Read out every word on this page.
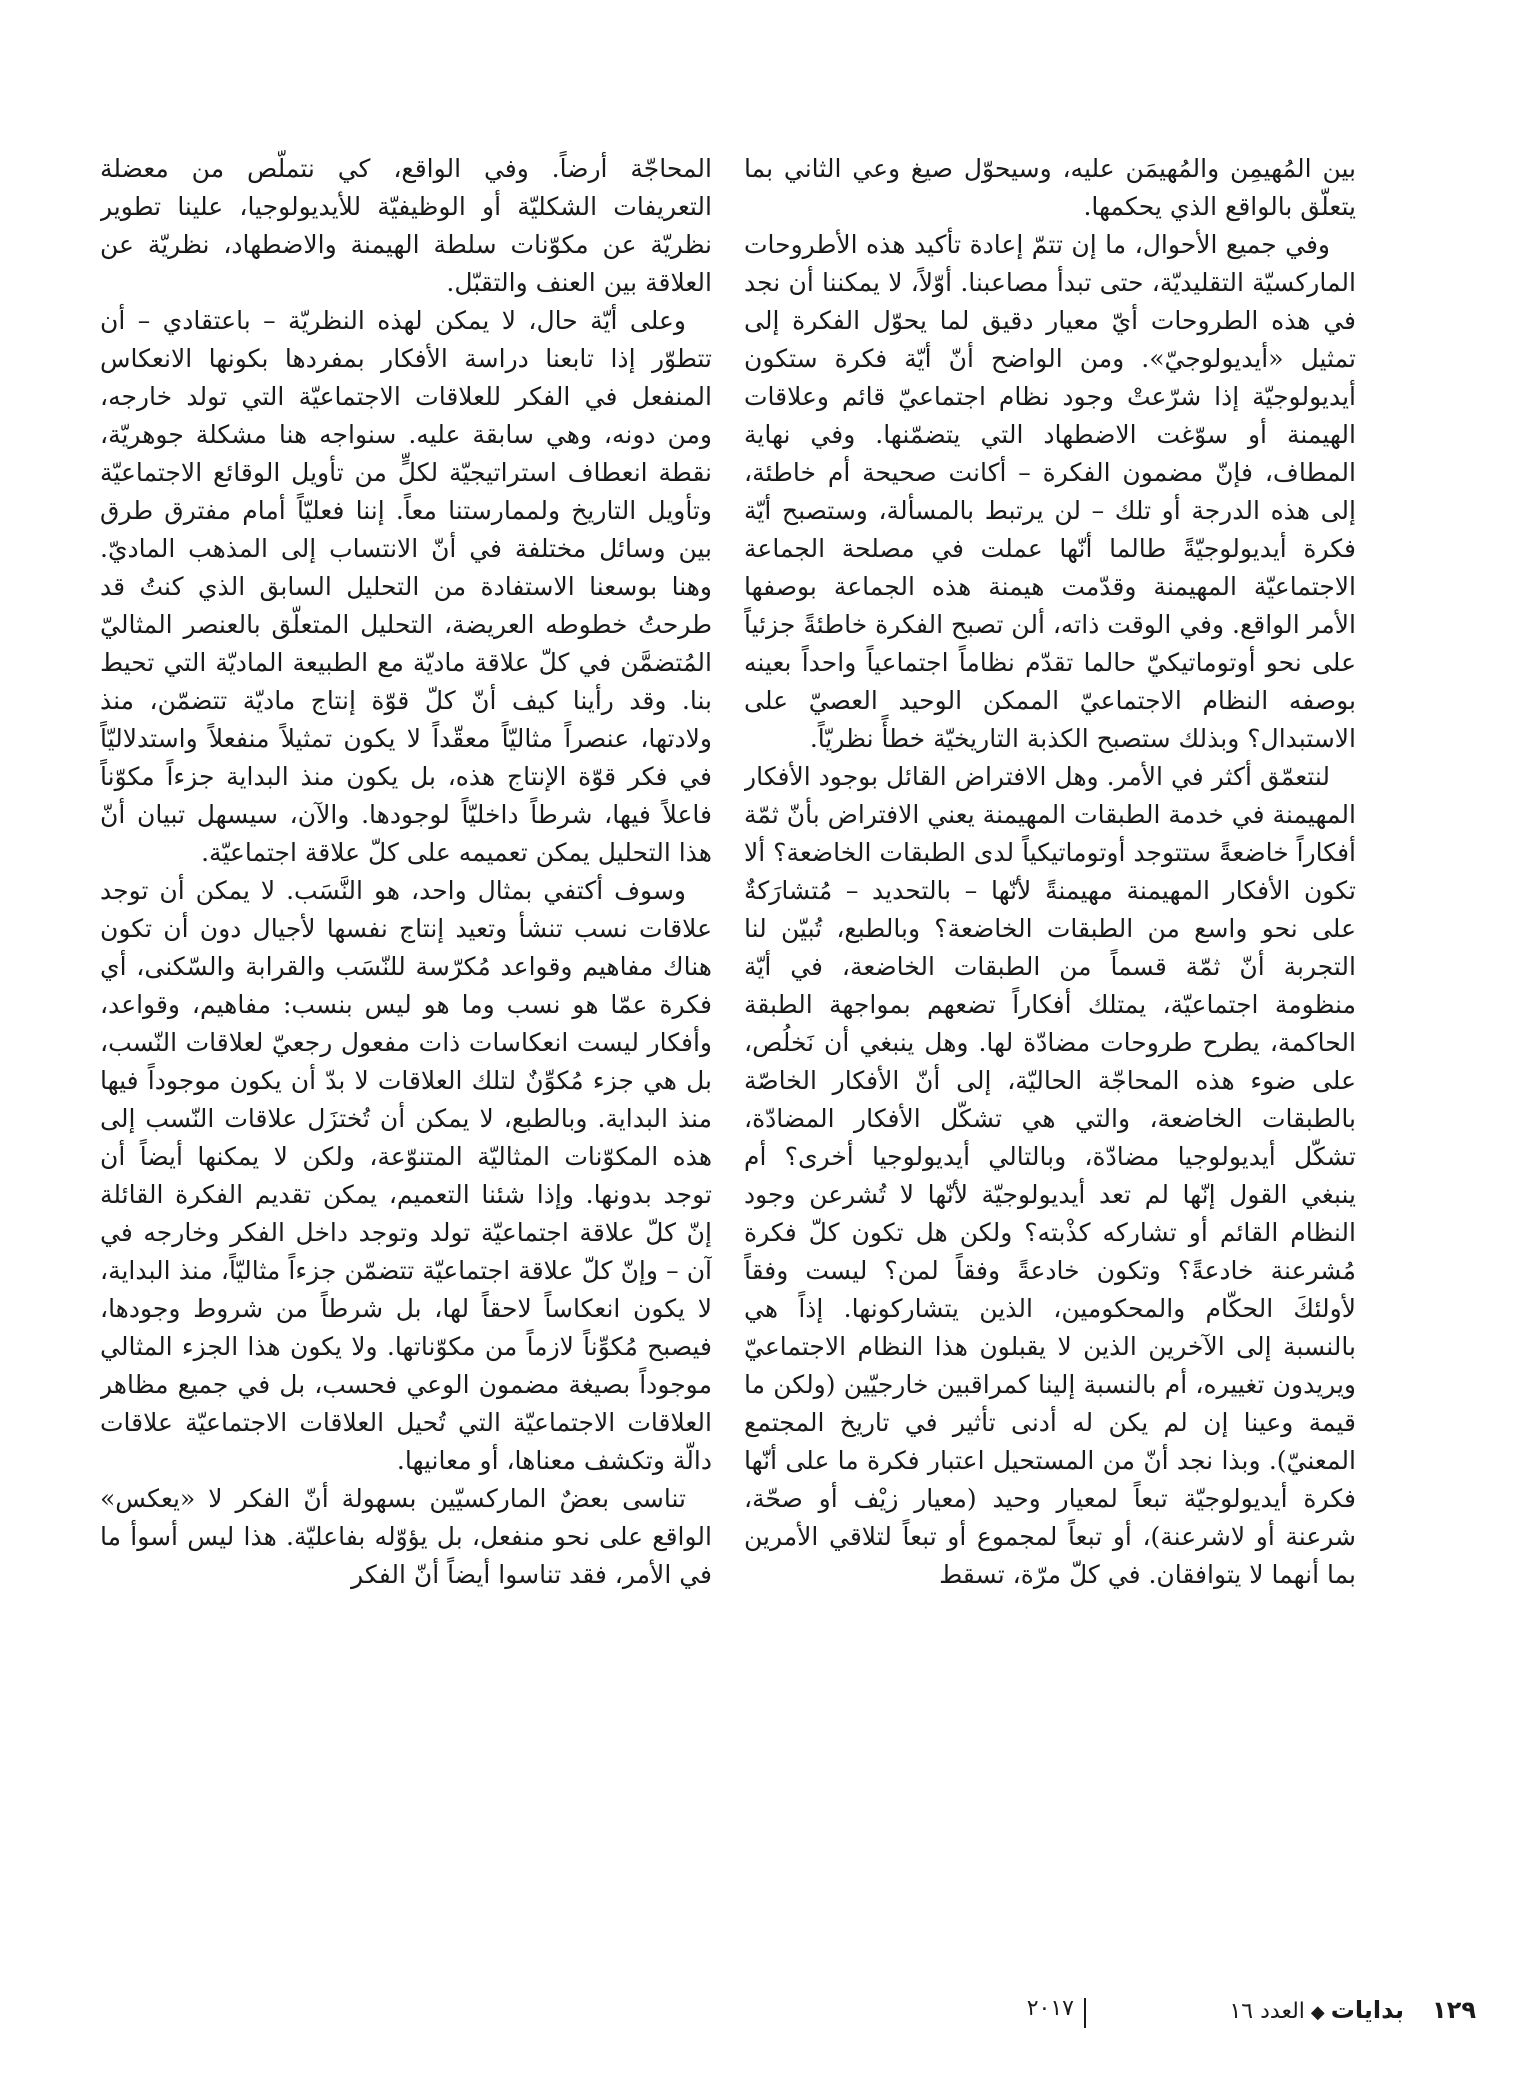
بين المُهيمِن والمُهيمَن عليه، وسيحوّل صيغ وعي الثاني بما يتعلّق بالواقع الذي يحكمها.

وفي جميع الأحوال، ما إن تتمّ إعادة تأكيد هذه الأطروحات الماركسيّة التقليديّة، حتى تبدأ مصاعبنا. أوّلاً، لا يمكننا أن نجد في هذه الطروحات أيّ معيار دقيق لما يحوّل الفكرة إلى تمثيل «أيديولوجيّ». ومن الواضح أنّ أيّة فكرة ستكون أيديولوجيّة إذا شرّعتْ وجود نظام اجتماعيّ قائم وعلاقات الهيمنة أو سوّغت الاضطهاد التي يتضمّنها. وفي نهاية المطاف، فإنّ مضمون الفكرة – أكانت صحيحة أم خاطئة، إلى هذه الدرجة أو تلك – لن يرتبط بالمسألة، وستصبح أيّة فكرة أيديولوجيّةً طالما أنّها عملت في مصلحة الجماعة الاجتماعيّة المهيمنة وقدّمت هيمنة هذه الجماعة بوصفها الأمر الواقع. وفي الوقت ذاته، ألن تصبح الفكرة خاطئةً جزئياً على نحو أوتوماتيكيّ حالما تقدّم نظاماً اجتماعياً واحداً بعينه بوصفه النظام الاجتماعيّ الممكن الوحيد العصيّ على الاستبدال؟ وبذلك ستصبح الكذبة التاريخيّة خطأً نظريّاً.

لنتعمّق أكثر في الأمر. وهل الافتراض القائل بوجود الأفكار المهيمنة في خدمة الطبقات المهيمنة يعني الافتراض بأنّ ثمّة أفكاراً خاضعةً ستتوجد أوتوماتيكياً لدى الطبقات الخاضعة؟ ألا تكون الأفكار المهيمنة مهيمنةً لأنّها – بالتحديد – مُتشارَكةٌ على نحو واسع من الطبقات الخاضعة؟ وبالطبع، تُبيّن لنا التجربة أنّ ثمّة قسماً من الطبقات الخاضعة، في أيّة منظومة اجتماعيّة، يمتلك أفكاراً تضعهم بمواجهة الطبقة الحاكمة، يطرح طروحات مضادّة لها. وهل ينبغي أن نَخلُص، على ضوء هذه المحاجّة الحاليّة، إلى أنّ الأفكار الخاصّة بالطبقات الخاضعة، والتي هي تشكّل الأفكار المضادّة، تشكّل أيديولوجيا مضادّة، وبالتالي أيديولوجيا أخرى؟ أم ينبغي القول إنّها لم تعد أيديولوجيّة لأنّها لا تُشرعن وجود النظام القائم أو تشاركه كذْبته؟ ولكن هل تكون كلّ فكرة مُشرعنة خادعةً؟ وتكون خادعةً وفقاً لمن؟ ليست وفقاً لأولئكَ الحكّام والمحكومين، الذين يتشاركونها. إذاً هي بالنسبة إلى الآخرين الذين لا يقبلون هذا النظام الاجتماعيّ ويريدون تغييره، أم بالنسبة إلينا كمراقبين خارجيّين (ولكن ما قيمة وعينا إن لم يكن له أدنى تأثير في تاريخ المجتمع المعنيّ). وبذا نجد أنّ من المستحيل اعتبار فكرة ما على أنّها فكرة أيديولوجيّة تبعاً لمعيار وحيد (معيار زيْف أو صحّة، شرعنة أو لاشرعنة)، أو تبعاً لمجموع أو تبعاً لتلاقي الأمرين بما أنهما لا يتوافقان. في كلّ مرّة، تسقط

المحاجّة أرضاً. وفي الواقع، كي نتملّص من معضلة التعريفات الشكليّة أو الوظيفيّة للأيديولوجيا، علينا تطوير نظريّة عن مكوّنات سلطة الهيمنة والاضطهاد، نظريّة عن العلاقة بين العنف والتقبّل.

وعلى أيّة حال، لا يمكن لهذه النظريّة – باعتقادي – أن تتطوّر إذا تابعنا دراسة الأفكار بمفردها بكونها الانعكاس المنفعل في الفكر للعلاقات الاجتماعيّة التي تولد خارجه، ومن دونه، وهي سابقة عليه. سنواجه هنا مشكلة جوهريّة، نقطة انعطاف استراتيجيّة لكلٍّ من تأويل الوقائع الاجتماعيّة وتأويل التاريخ ولممارستنا معاً. إننا فعليّاً أمام مفترق طرق بين وسائل مختلفة في أنّ الانتساب إلى المذهب الماديّ. وهنا بوسعنا الاستفادة من التحليل السابق الذي كنتُ قد طرحتُ خطوطه العريضة، التحليل المتعلّق بالعنصر المثاليّ المُتضمَّن في كلّ علاقة ماديّة مع الطبيعة الماديّة التي تحيط بنا. وقد رأينا كيف أنّ كلّ قوّة إنتاج ماديّة تتضمّن، منذ ولادتها، عنصراً مثاليّاً معقّداً لا يكون تمثيلاً منفعلاً واستدلاليّاً في فكر قوّة الإنتاج هذه، بل يكون منذ البداية جزءاً مكوّناً فاعلاً فيها، شرطاً داخليّاً لوجودها. والآن، سيسهل تبيان أنّ هذا التحليل يمكن تعميمه على كلّ علاقة اجتماعيّة.

وسوف أكتفي بمثال واحد، هو النَّسَب. لا يمكن أن توجد علاقات نسب تنشأ وتعيد إنتاج نفسها لأجيال دون أن تكون هناك مفاهيم وقواعد مُكرّسة للنّسَب والقرابة والسّكنى، أي فكرة عمّا هو نسب وما هو ليس بنسب: مفاهيم، وقواعد، وأفكار ليست انعكاسات ذات مفعول رجعيّ لعلاقات النّسب، بل هي جزء مُكوِّنٌ لتلك العلاقات لا بدّ أن يكون موجوداً فيها منذ البداية. وبالطبع، لا يمكن أن تُختزَل علاقات النّسب إلى هذه المكوّنات المثاليّة المتنوّعة، ولكن لا يمكنها أيضاً أن توجد بدونها. وإذا شئنا التعميم، يمكن تقديم الفكرة القائلة إنّ كلّ علاقة اجتماعيّة تولد وتوجد داخل الفكر وخارجه في آن – وإنّ كلّ علاقة اجتماعيّة تتضمّن جزءاً مثاليّاً، منذ البداية، لا يكون انعكاساً لاحقاً لها، بل شرطاً من شروط وجودها، فيصبح مُكوِّناً لازماً من مكوّناتها. ولا يكون هذا الجزء المثالي موجوداً بصيغة مضمون الوعي فحسب، بل في جميع مظاهر العلاقات الاجتماعيّة التي تُحيل العلاقات الاجتماعيّة علاقات دالّة وتكشف معناها، أو معانيها.

تناسى بعضٌ الماركسيّين بسهولة أنّ الفكر لا «يعكس» الواقع على نحو منفعل، بل يؤوّله بفاعليّة. هذا ليس أسوأ ما في الأمر، فقد تناسوا أيضاً أنّ الفكر

١٢٩
بدايات◆العدد ١٦
٢٠١٧
